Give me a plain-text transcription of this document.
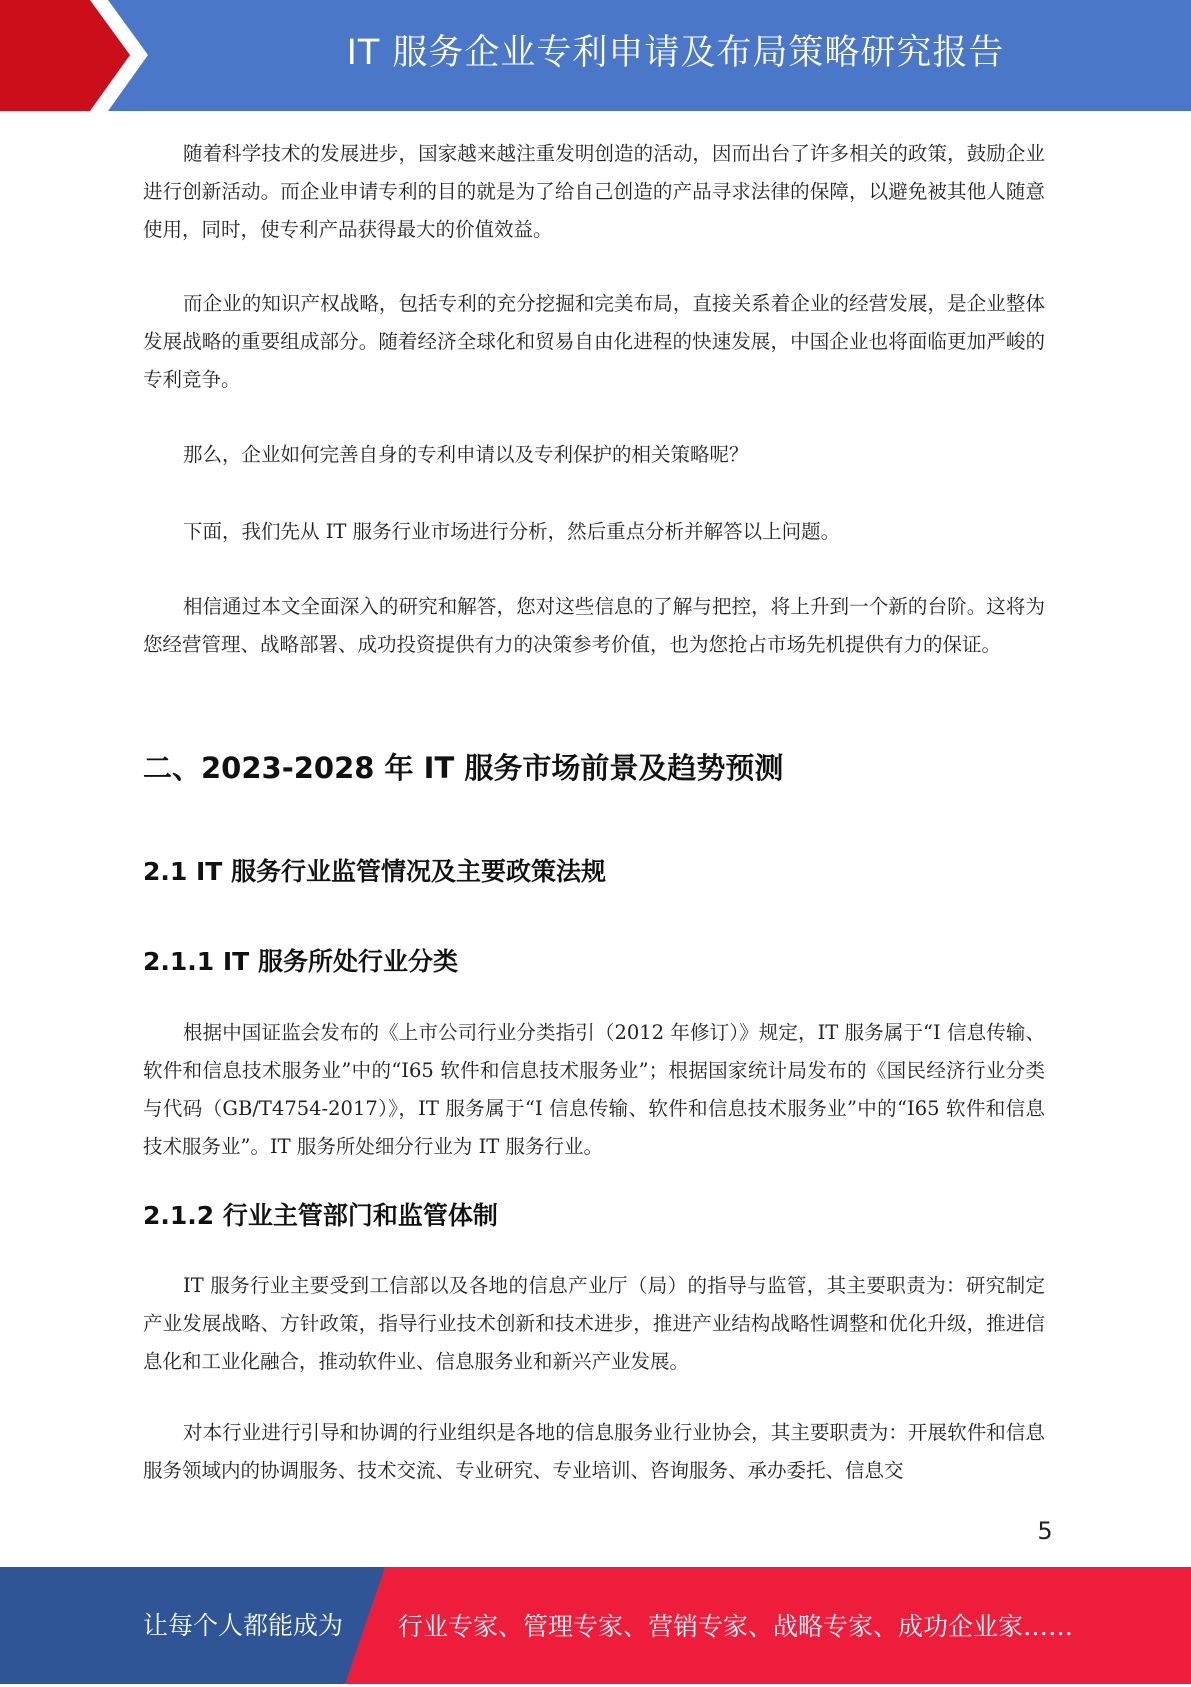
IT 服务企业专利申请及布局策略研究报告

随着科学技术的发展进步，国家越来越注重发明创造的活动，因而出台了许多相关的政策，鼓励企业进行创新活动。而企业申请专利的目的就是为了给自己创造的产品寻求法律的保障，以避免被其他人随意使用，同时，使专利产品获得最大的价值效益。

而企业的知识产权战略，包括专利的充分挖掘和完美布局，直接关系着企业的经营发展，是企业整体发展战略的重要组成部分。随着经济全球化和贸易自由化进程的快速发展，中国企业也将面临更加严峻的专利竞争。

那么，企业如何完善自身的专利申请以及专利保护的相关策略呢？

下面，我们先从 IT 服务行业市场进行分析，然后重点分析并解答以上问题。

相信通过本文全面深入的研究和解答，您对这些信息的了解与把控，将上升到一个新的台阶。这将为您经营管理、战略部署、成功投资提供有力的决策参考价值，也为您抢占市场先机提供有力的保证。

二、2023-2028 年 IT 服务市场前景及趋势预测
2.1 IT 服务行业监管情况及主要政策法规
2.1.1 IT 服务所处行业分类

根据中国证监会发布的《上市公司行业分类指引（2012 年修订）》规定，IT 服务属于“I 信息传输、软件和信息技术服务业”中的“I65 软件和信息技术服务业”；根据国家统计局发布的《国民经济行业分类与代码（GB/T4754-2017）》，IT 服务属于“I 信息传输、软件和信息技术服务业”中的“I65 软件和信息技术服务业”。IT 服务所处细分行业为 IT 服务行业。

2.1.2 行业主管部门和监管体制

IT 服务行业主要受到工信部以及各地的信息产业厅（局）的指导与监管，其主要职责为：研究制定产业发展战略、方针政策，指导行业技术创新和技术进步，推进产业结构战略性调整和优化升级，推进信息化和工业化融合，推动软件业、信息服务业和新兴产业发展。

对本行业进行引导和协调的行业组织是各地的信息服务业行业协会，其主要职责为：开展软件和信息服务领域内的协调服务、技术交流、专业研究、专业培训、咨询服务、承办委托、信息交

5
让每个人都能成为 行业专家、管理专家、营销专家、战略专家、成功企业家……
